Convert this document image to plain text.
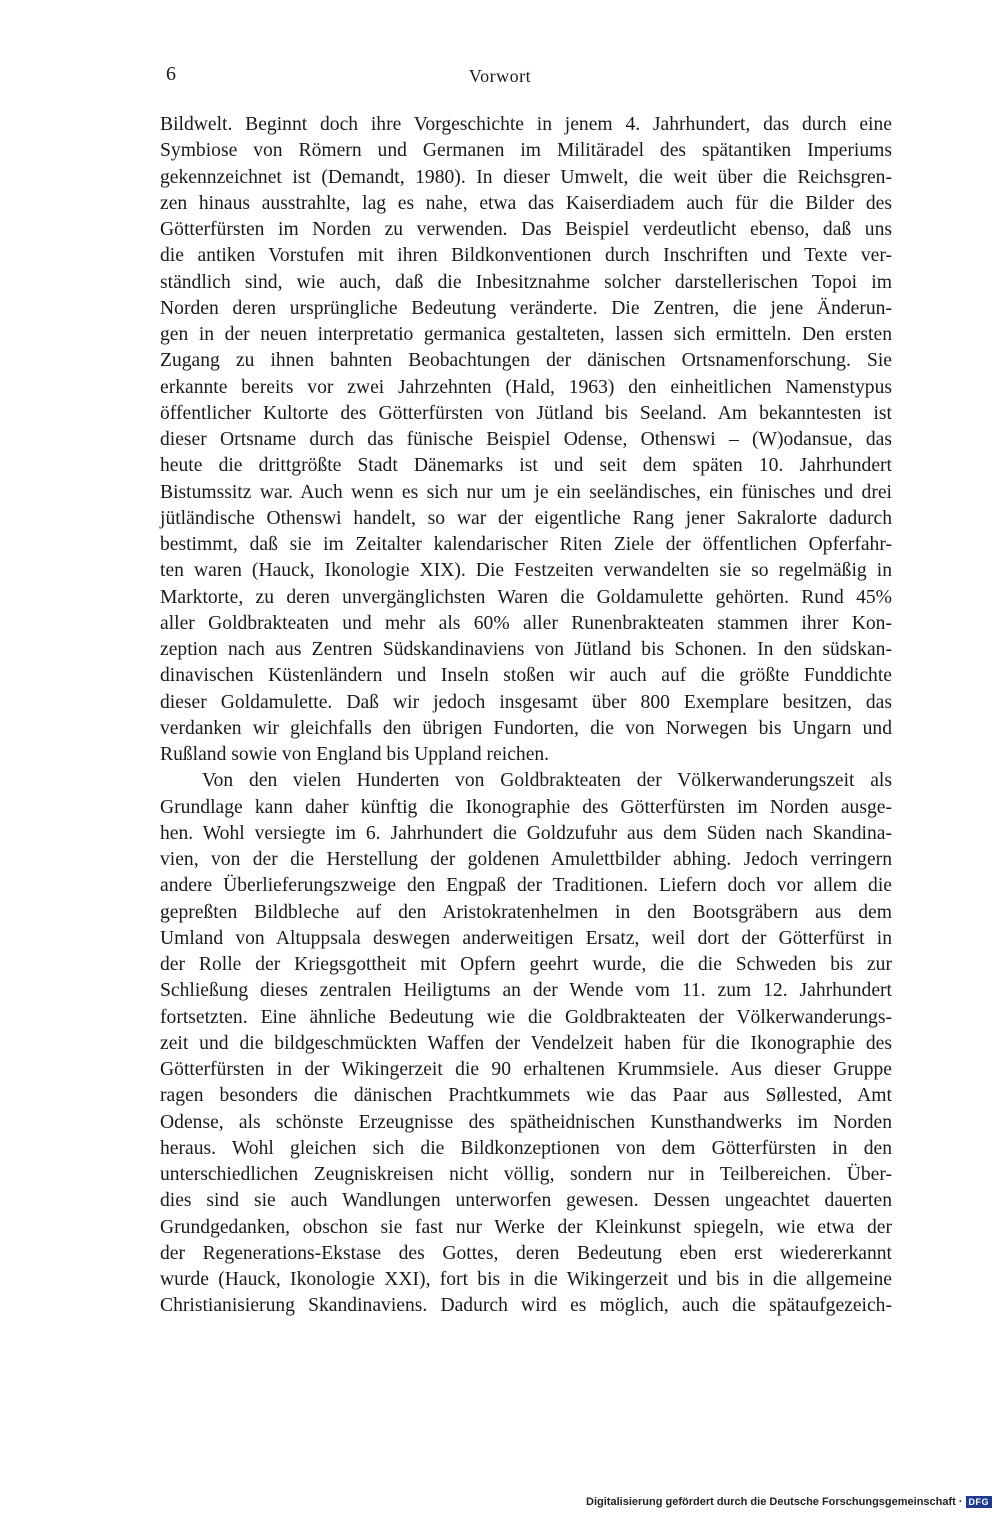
6	Vorwort
Bildwelt. Beginnt doch ihre Vorgeschichte in jenem 4. Jahrhundert, das durch eine
Symbiose von Römern und Germanen im Militäradel des spätantiken Imperiums
gekennzeichnet ist (Demandt, 1980). In dieser Umwelt, die weit über die Reichsgren-
zen hinaus ausstrahlte, lag es nahe, etwa das Kaiserdiadem auch für die Bilder des
Götterfürsten im Norden zu verwenden. Das Beispiel verdeutlicht ebenso, daß uns
die antiken Vorstufen mit ihren Bildkonventionen durch Inschriften und Texte ver-
ständlich sind, wie auch, daß die Inbesitznahme solcher darstellerischen Topoi im
Norden deren ursprüngliche Bedeutung veränderte. Die Zentren, die jene Änderun-
gen in der neuen interpretatio germanica gestalteten, lassen sich ermitteln. Den ersten
Zugang zu ihnen bahnten Beobachtungen der dänischen Ortsnamenforschung. Sie
erkannte bereits vor zwei Jahrzehnten (Hald, 1963) den einheitlichen Namenstypus
öffentlicher Kultorte des Götterfürsten von Jütland bis Seeland. Am bekanntesten ist
dieser Ortsname durch das fünische Beispiel Odense, Othenswi – (W)odansue, das
heute die drittgrößte Stadt Dänemarks ist und seit dem späten 10. Jahrhundert
Bistumssitz war. Auch wenn es sich nur um je ein seeländisches, ein fünisches und drei
jütländische Othenswi handelt, so war der eigentliche Rang jener Sakralorte dadurch
bestimmt, daß sie im Zeitalter kalendarischer Riten Ziele der öffentlichen Opferfahr-
ten waren (Hauck, Ikonologie XIX). Die Festzeiten verwandelten sie so regelmäßig in
Marktorte, zu deren unvergänglichsten Waren die Goldamulette gehörten. Rund 45%
aller Goldbrakteaten und mehr als 60% aller Runenbrakteaten stammen ihrer Kon-
zeption nach aus Zentren Südskandinaviens von Jütland bis Schonen. In den südskan-
dinavischen Küstenländern und Inseln stoßen wir auch auf die größte Funddichte
dieser Goldamulette. Daß wir jedoch insgesamt über 800 Exemplare besitzen, das
verdanken wir gleichfalls den übrigen Fundorten, die von Norwegen bis Ungarn und
Rußland sowie von England bis Uppland reichen.
Von den vielen Hunderten von Goldbrakteaten der Völkerwanderungszeit als
Grundlage kann daher künftig die Ikonographie des Götterfürsten im Norden ausge-
hen. Wohl versiegte im 6. Jahrhundert die Goldzufuhr aus dem Süden nach Skandina-
vien, von der die Herstellung der goldenen Amulettbilder abhing. Jedoch verringern
andere Überlieferungszweige den Engpaß der Traditionen. Liefern doch vor allem die
gepreßten Bildbleche auf den Aristokratenhelmen in den Bootsgräbern aus dem
Umland von Altuppsala deswegen anderweitigen Ersatz, weil dort der Götterfürst in
der Rolle der Kriegsgottheit mit Opfern geehrt wurde, die die Schweden bis zur
Schließung dieses zentralen Heiligtums an der Wende vom 11. zum 12. Jahrhundert
fortsetzten. Eine ähnliche Bedeutung wie die Goldbrakteaten der Völkerwanderungs-
zeit und die bildgeschmückten Waffen der Vendelzeit haben für die Ikonographie des
Götterfürsten in der Wikingerzeit die 90 erhaltenen Krummsiele. Aus dieser Gruppe
ragen besonders die dänischen Prachtkummets wie das Paar aus Søllested, Amt
Odense, als schönste Erzeugnisse des spätheidnischen Kunsthandwerks im Norden
heraus. Wohl gleichen sich die Bildkonzeptionen von dem Götterfürsten in den
unterschiedlichen Zeugniskreisen nicht völlig, sondern nur in Teilbereichen. Über-
dies sind sie auch Wandlungen unterworfen gewesen. Dessen ungeachtet dauerten
Grundgedanken, obschon sie fast nur Werke der Kleinkunst spiegeln, wie etwa der
der Regenerations-Ekstase des Gottes, deren Bedeutung eben erst wiedererkannt
wurde (Hauck, Ikonologie XXI), fort bis in die Wikingerzeit und bis in die allgemeine
Christianisierung Skandinaviens. Dadurch wird es möglich, auch die spätaufgezeich-
Digitalisierung gefördert durch die Deutsche Forschungsgemeinschaft · DFG
